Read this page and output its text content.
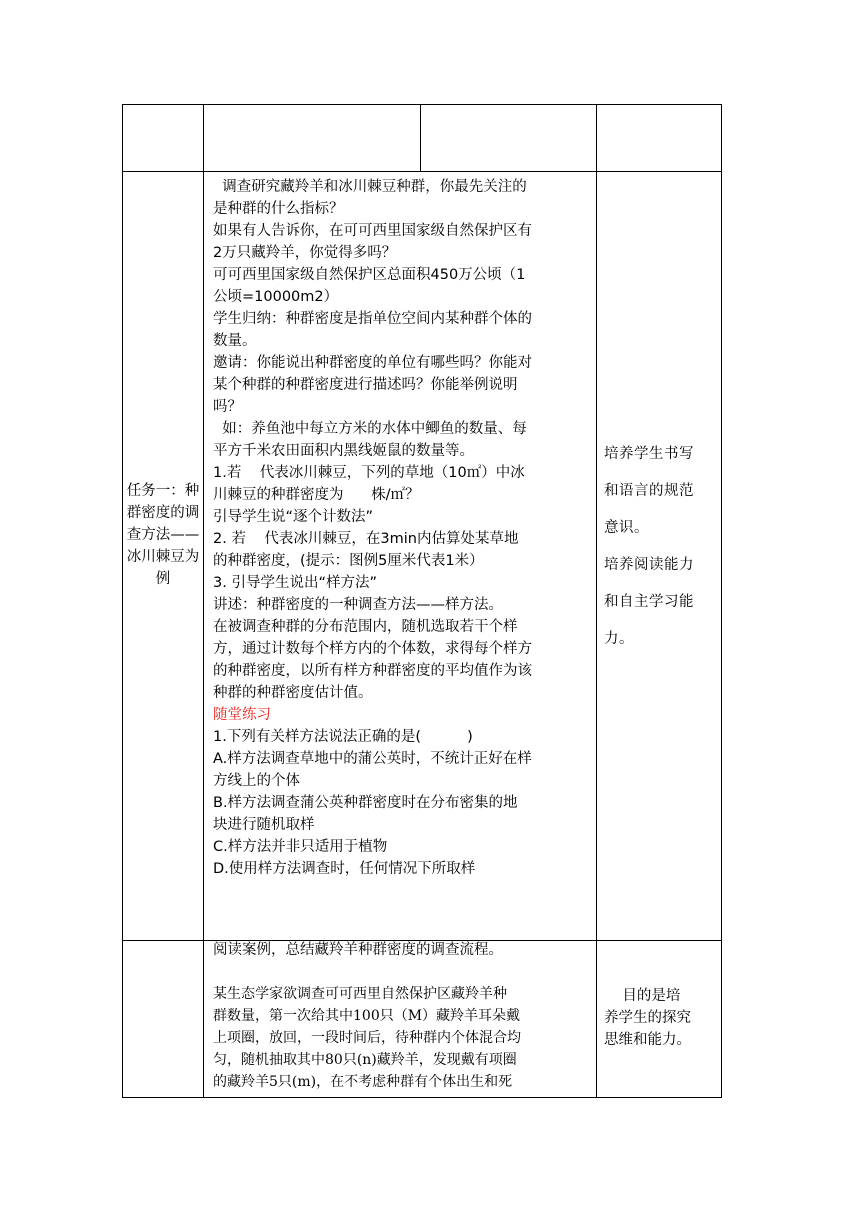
任务一：种群密度的调查方法——冰川棘豆为例

调查研究藏羚羊和冰川棘豆种群，你最先关注的

是种群的什么指标？

如果有人告诉你，在可可西里国家级自然保护区有

2万只藏羚羊，你觉得多吗？

可可西里国家级自然保护区总面积450万公顷（1

公顷=10000m2）

学生归纳：种群密度是指单位空间内某种群个体的

数量。

邀请：你能说出种群密度的单位有哪些吗？你能对

某个种群的种群密度进行描述吗？你能举例说明

吗？

如：养鱼池中每立方米的水体中鲫鱼的数量、每

平方千米农田面积内黑线姬鼠的数量等。

1.若    代表冰川棘豆，下列的草地（10㎡）中冰

川棘豆的种群密度为      株/㎡？

引导学生说“逐个计数法”

2. 若    代表冰川棘豆，在3min内估算处某草地

的种群密度，(提示：图例5厘米代表1米）

3. 引导学生说出“样方法”

讲述：种群密度的一种调查方法——样方法。

在被调查种群的分布范围内，随机选取若干个样

方，通过计数每个样方内的个体数，求得每个样方

的种群密度，以所有样方种群密度的平均值作为该

种群的种群密度估计值。

随堂练习

1.下列有关样方法说法正确的是(          )

A.样方法调查草地中的蒲公英时，不统计正好在样

方线上的个体

B.样方法调查蒲公英种群密度时在分布密集的地

块进行随机取样

C.样方法并非只适用于植物

D.使用样方法调查时，任何情况下所取样

培养学生书写
和语言的规范
意识。
培养阅读能力
和自主学习能
力。

阅读案例，总结藏羚羊种群密度的调查流程。

某生态学家欲调查可可西里自然保护区藏羚羊种

群数量，第一次给其中100只（M）藏羚羊耳朵戴

上项圈，放回，一段时间后，待种群内个体混合均

匀，随机抽取其中80只(n)藏羚羊，发现戴有项圈

的藏羚羊5只(m)，在不考虑种群有个体出生和死

目的是培
养学生的探究
思维和能力。
